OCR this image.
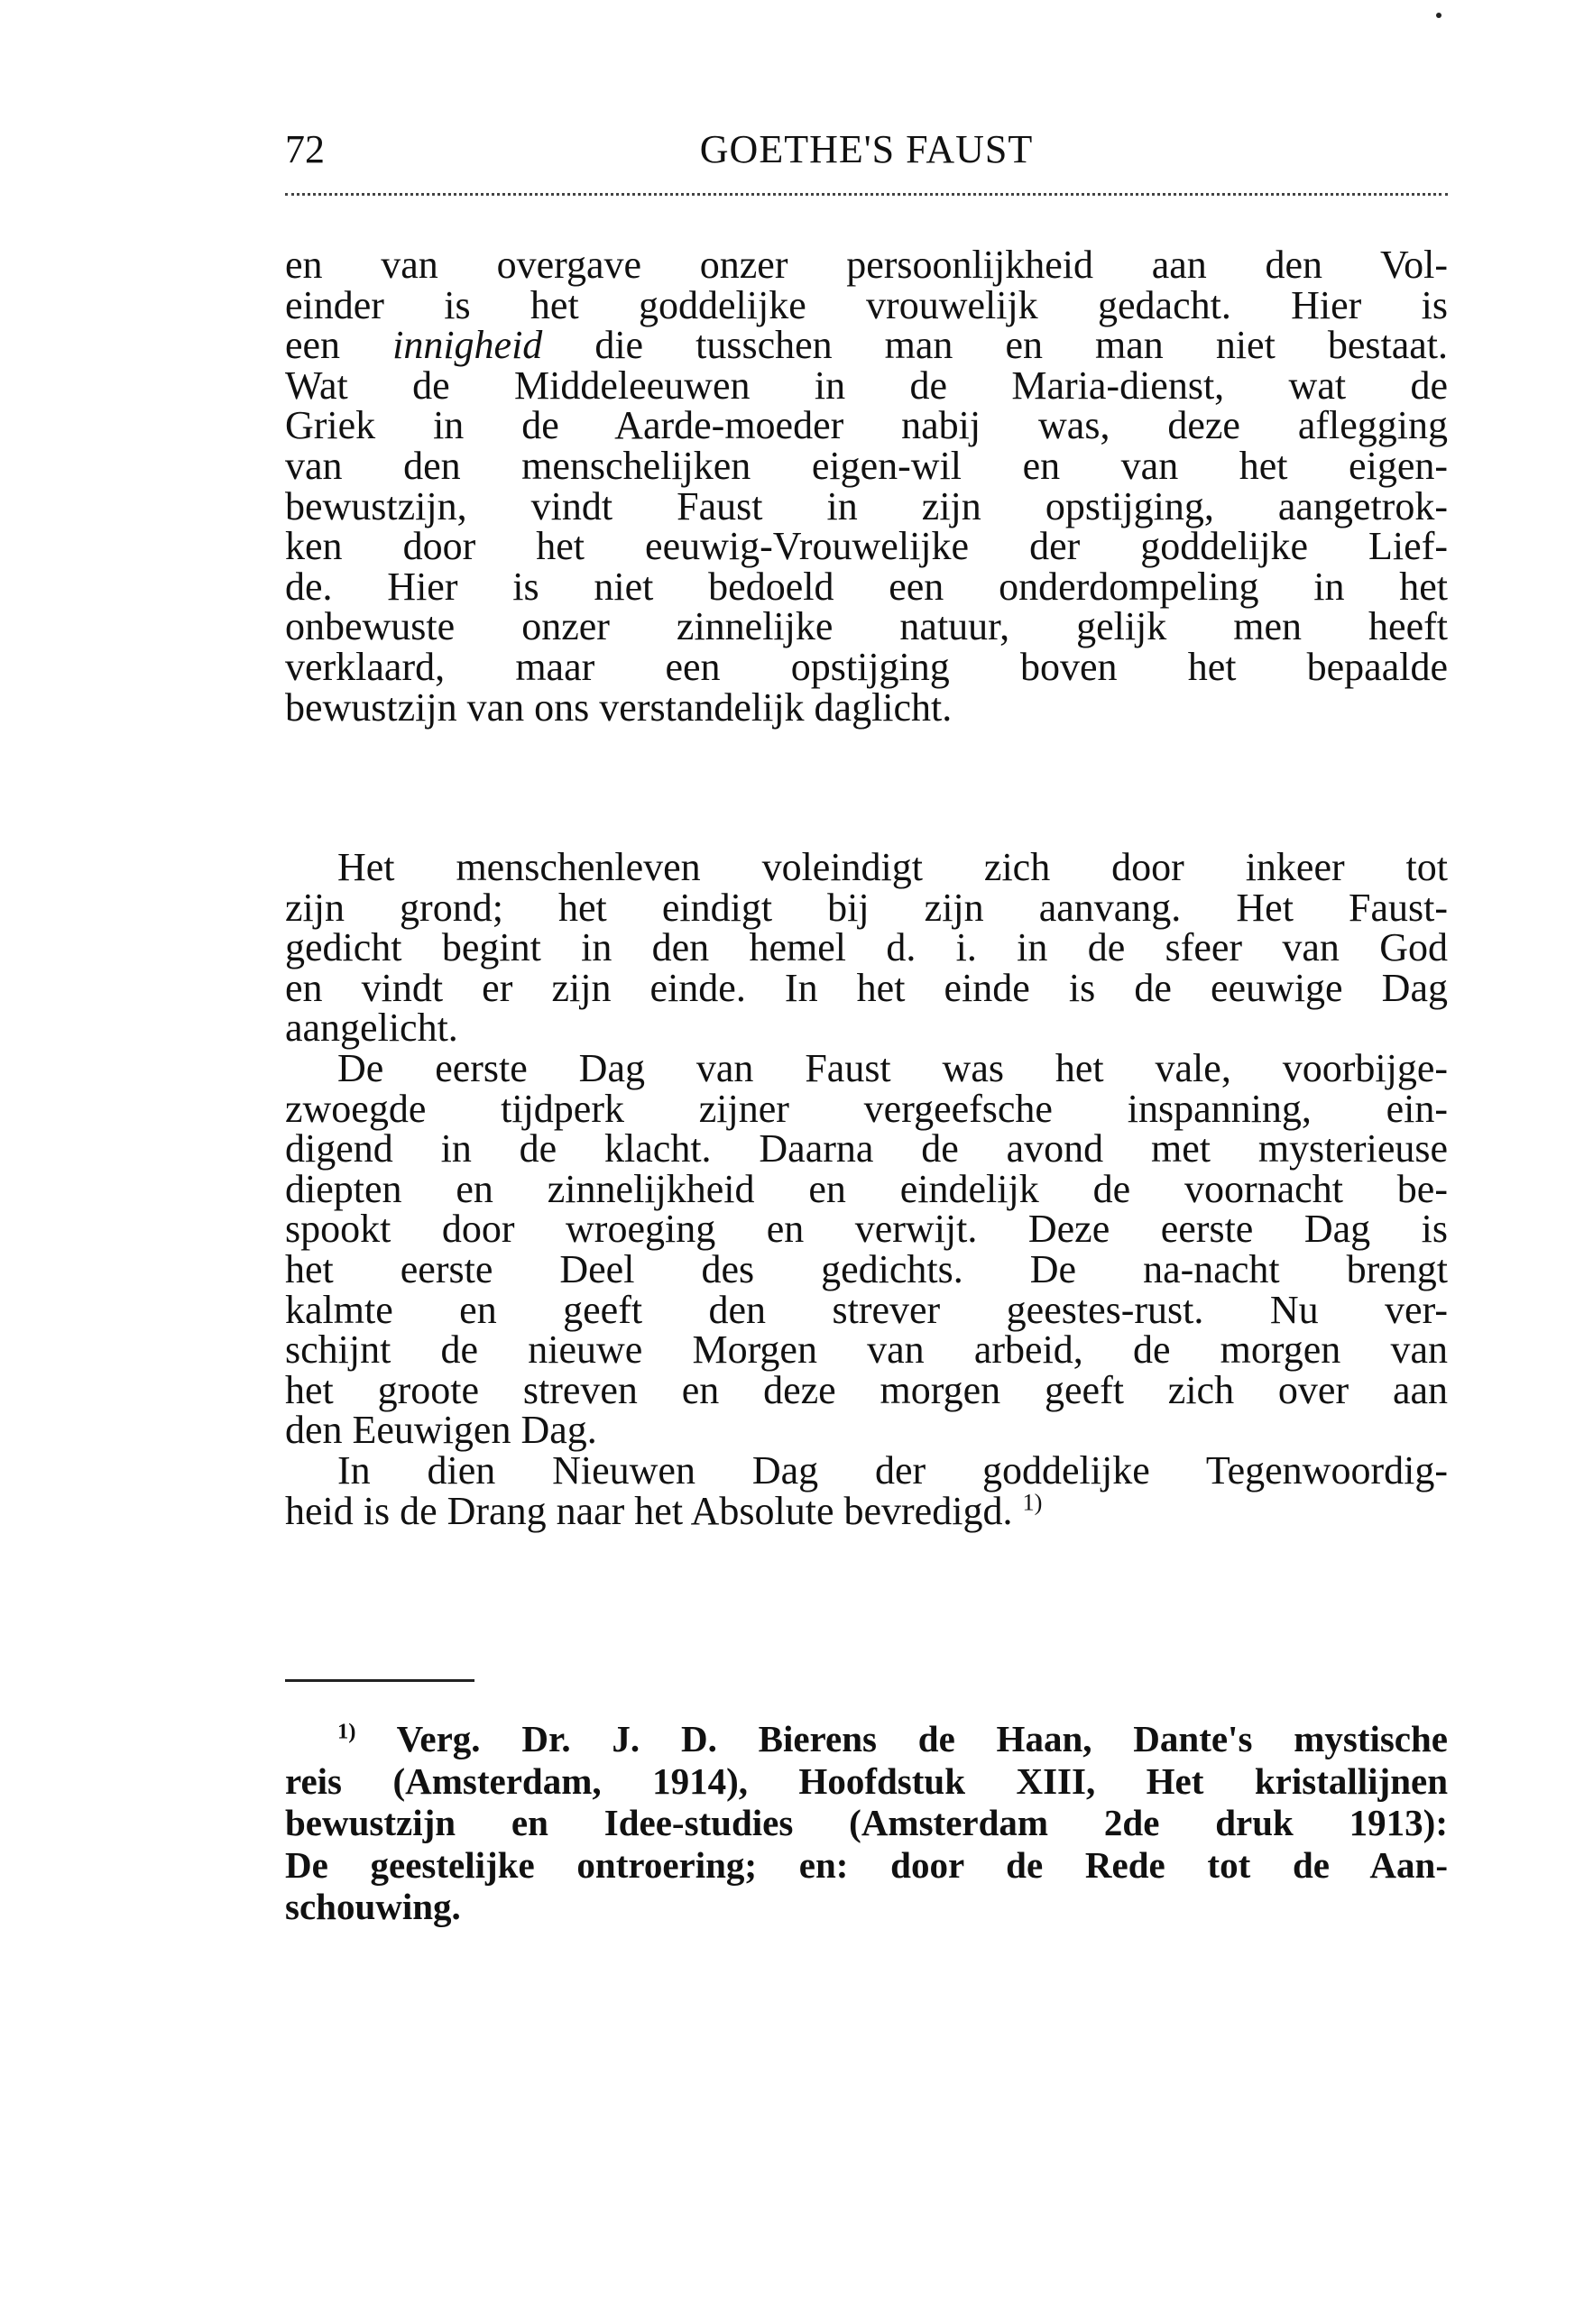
72	GOETHE'S FAUST
en van overgave onzer persoonlijkheid aan den Vol-
einder is het goddelijke vrouwelijk gedacht. Hier is
een innigheid die tusschen man en man niet bestaat.
Wat de Middeleeuwen in de Maria-dienst, wat de
Griek in de Aarde-moeder nabij was, deze aflegging
van den menschelijken eigen-wil en van het eigen-
bewustzijn, vindt Faust in zijn opstijging, aangetrok-
ken door het eeuwig-Vrouwelijke der goddelijke Lief-
de. Hier is niet bedoeld een onderdompeling in het
onbewuste onzer zinnelijke natuur, gelijk men heeft
verklaard, maar een opstijging boven het bepaalde
bewustzijn van ons verstandelijk daglicht.
Het menschenleven voleindigt zich door inkeer tot
zijn grond; het eindigt bij zijn aanvang. Het Faust-
gedicht begint in den hemel d. i. in de sfeer van God
en vindt er zijn einde. In het einde is de eeuwige Dag
aangelicht.
De eerste Dag van Faust was het vale, voorbijge-
zwoegde tijdperk zijner vergeefsche inspanning, ein-
digend in de klacht. Daarna de avond met mysterieuse
diepten en zinnelijkheid en eindelijk de voornacht be-
spookt door wroeging en verwijt. Deze eerste Dag is
het eerste Deel des gedichts. De na-nacht brengt
kalmte en geeft den strever geestes-rust. Nu ver-
schijnt de nieuwe Morgen van arbeid, de morgen van
het groote streven en deze morgen geeft zich over aan
den Eeuwigen Dag.
In dien Nieuwen Dag der goddelijke Tegenwoordig-
heid is de Drang naar het Absolute bevredigd. $^{1)}$
$^{1)}$ Verg. Dr. J. D. Bierens de Haan, Dante's mystische
reis (Amsterdam, 1914), Hoofdstuk XIII, Het kristallijnen
bewustzijn en Idee-studies (Amsterdam 2de druk 1913):
De geestelijke ontroering; en: door de Rede tot de Aan-
schouwing.
